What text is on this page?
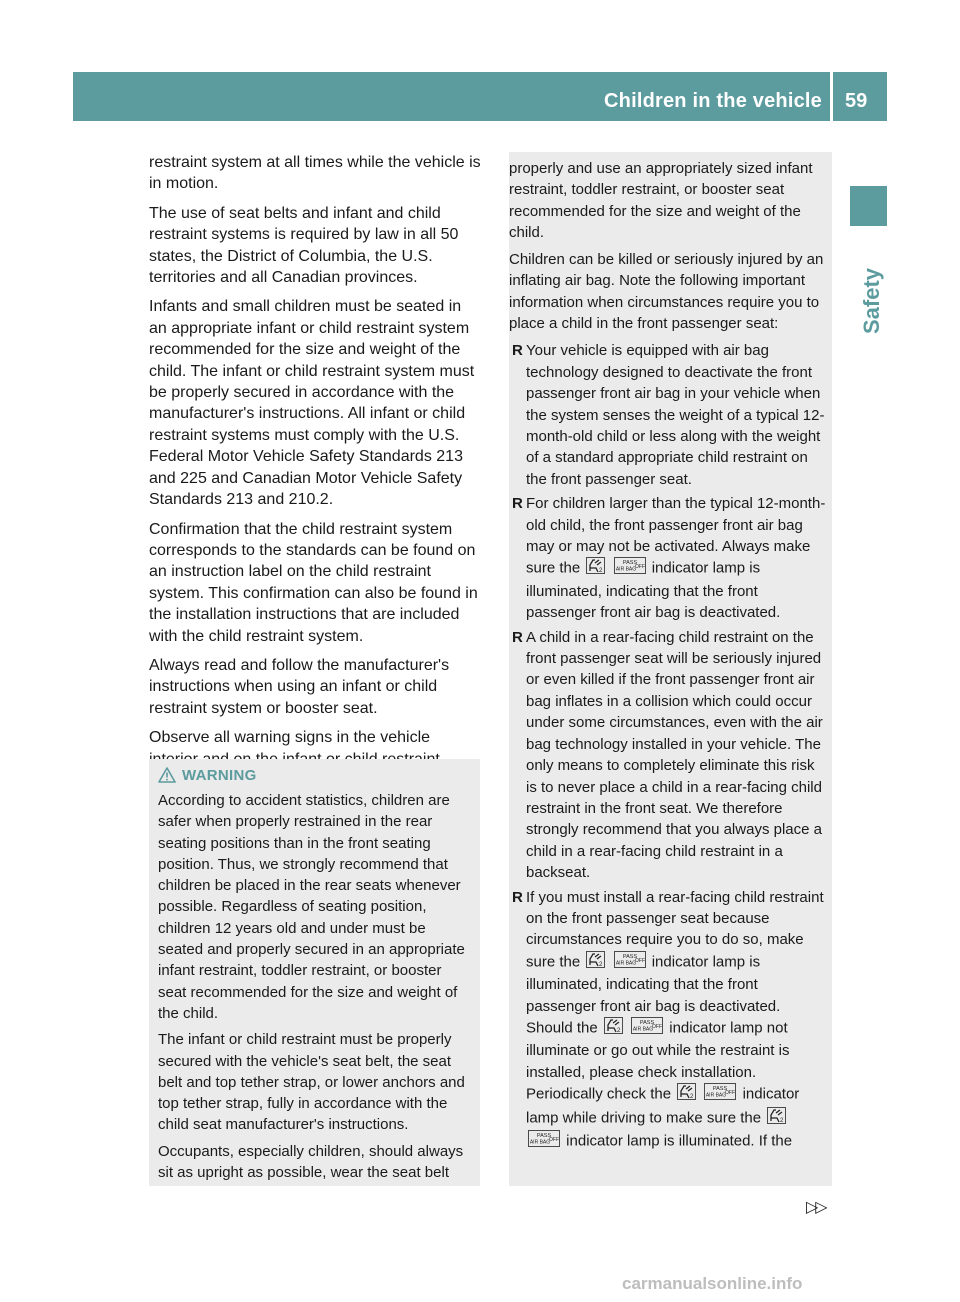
Children in the vehicle 59
Safety

restraint system at all times while the vehicle is in motion.

The use of seat belts and infant and child restraint systems is required by law in all 50 states, the District of Columbia, the U.S. territories and all Canadian provinces.

Infants and small children must be seated in an appropriate infant or child restraint system recommended for the size and weight of the child. The infant or child restraint system must be properly secured in accordance with the manufacturer's instructions. All infant or child restraint systems must comply with the U.S. Federal Motor Vehicle Safety Standards 213 and 225 and Canadian Motor Vehicle Safety Standards 213 and 210.2.

Confirmation that the child restraint system corresponds to the standards can be found on an instruction label on the child restraint system. This confirmation can also be found in the installation instructions that are included with the child restraint system.

Always read and follow the manufacturer's instructions when using an infant or child restraint system or booster seat.

Observe all warning signs in the vehicle

WARNING

According to accident statistics, children are safer when properly restrained in the rear seating positions than in the front seating position. Thus, we strongly recommend that children be placed in the rear seats whenever possible. Regardless of seating position, children 12 years old and under must be seated and properly secured in an appropriate infant restraint, toddler restraint, or booster seat recommended for the size and weight of the child.

The infant or child restraint must be properly secured with the vehicle's seat belt, the seat belt and top tether strap, or lower anchors and top tether strap, fully in accordance with the child seat manufacturer's instructions.

Occupants, especially children, should always sit as upright as possible, wear the seat belt

properly and use an appropriately sized infant restraint, toddler restraint, or booster seat recommended for the size and weight of the child.

Children can be killed or seriously injured by an inflating air bag. Note the following important information when circumstances require you to place a child in the front passenger seat:

R Your vehicle is equipped with air bag technology designed to deactivate the front passenger front air bag in your vehicle when the system senses the weight of a typical 12-month-old child or less along with the weight of a standard appropriate child restraint on the front passenger seat.
R For children larger than the typical 12-month-old child, the front passenger front air bag may or may not be activated. Always make sure the	2

PASS
AIR BAG
OFF indicator lamp is illuminated, indicating that the front passenger front air bag is deactivated.
R A child in a rear-facing child restraint on the front passenger seat will be seriously injured or even killed if the front passenger front air bag inflates in a collision which could occur under some circumstances, even with the air bag technology installed in your vehicle. The only means to completely eliminate this risk is to never place a child in a rear-facing child restraint in the front seat. We therefore strongly recommend that you always place a child in a rear-facing child restraint in a backseat.
R If you must install a rear-facing child restraint on the front passenger seat because circumstances require you to do so, make sure the	2

PASS
AIR BAG
OFF indicator lamp is illuminated, indicating that the front passenger front air bag is deactivated. Should the	2

PASS
AIR BAG
OFF indicator lamp not illuminate or go out while the restraint is installed, please check installation. Periodically check the	2

PASS
AIR BAG
OFF indicator lamp while driving to make sure the	2

PASS
AIR BAG
OFF indicator lamp is illuminated. If the
▷▷
carmanualsonline.info
